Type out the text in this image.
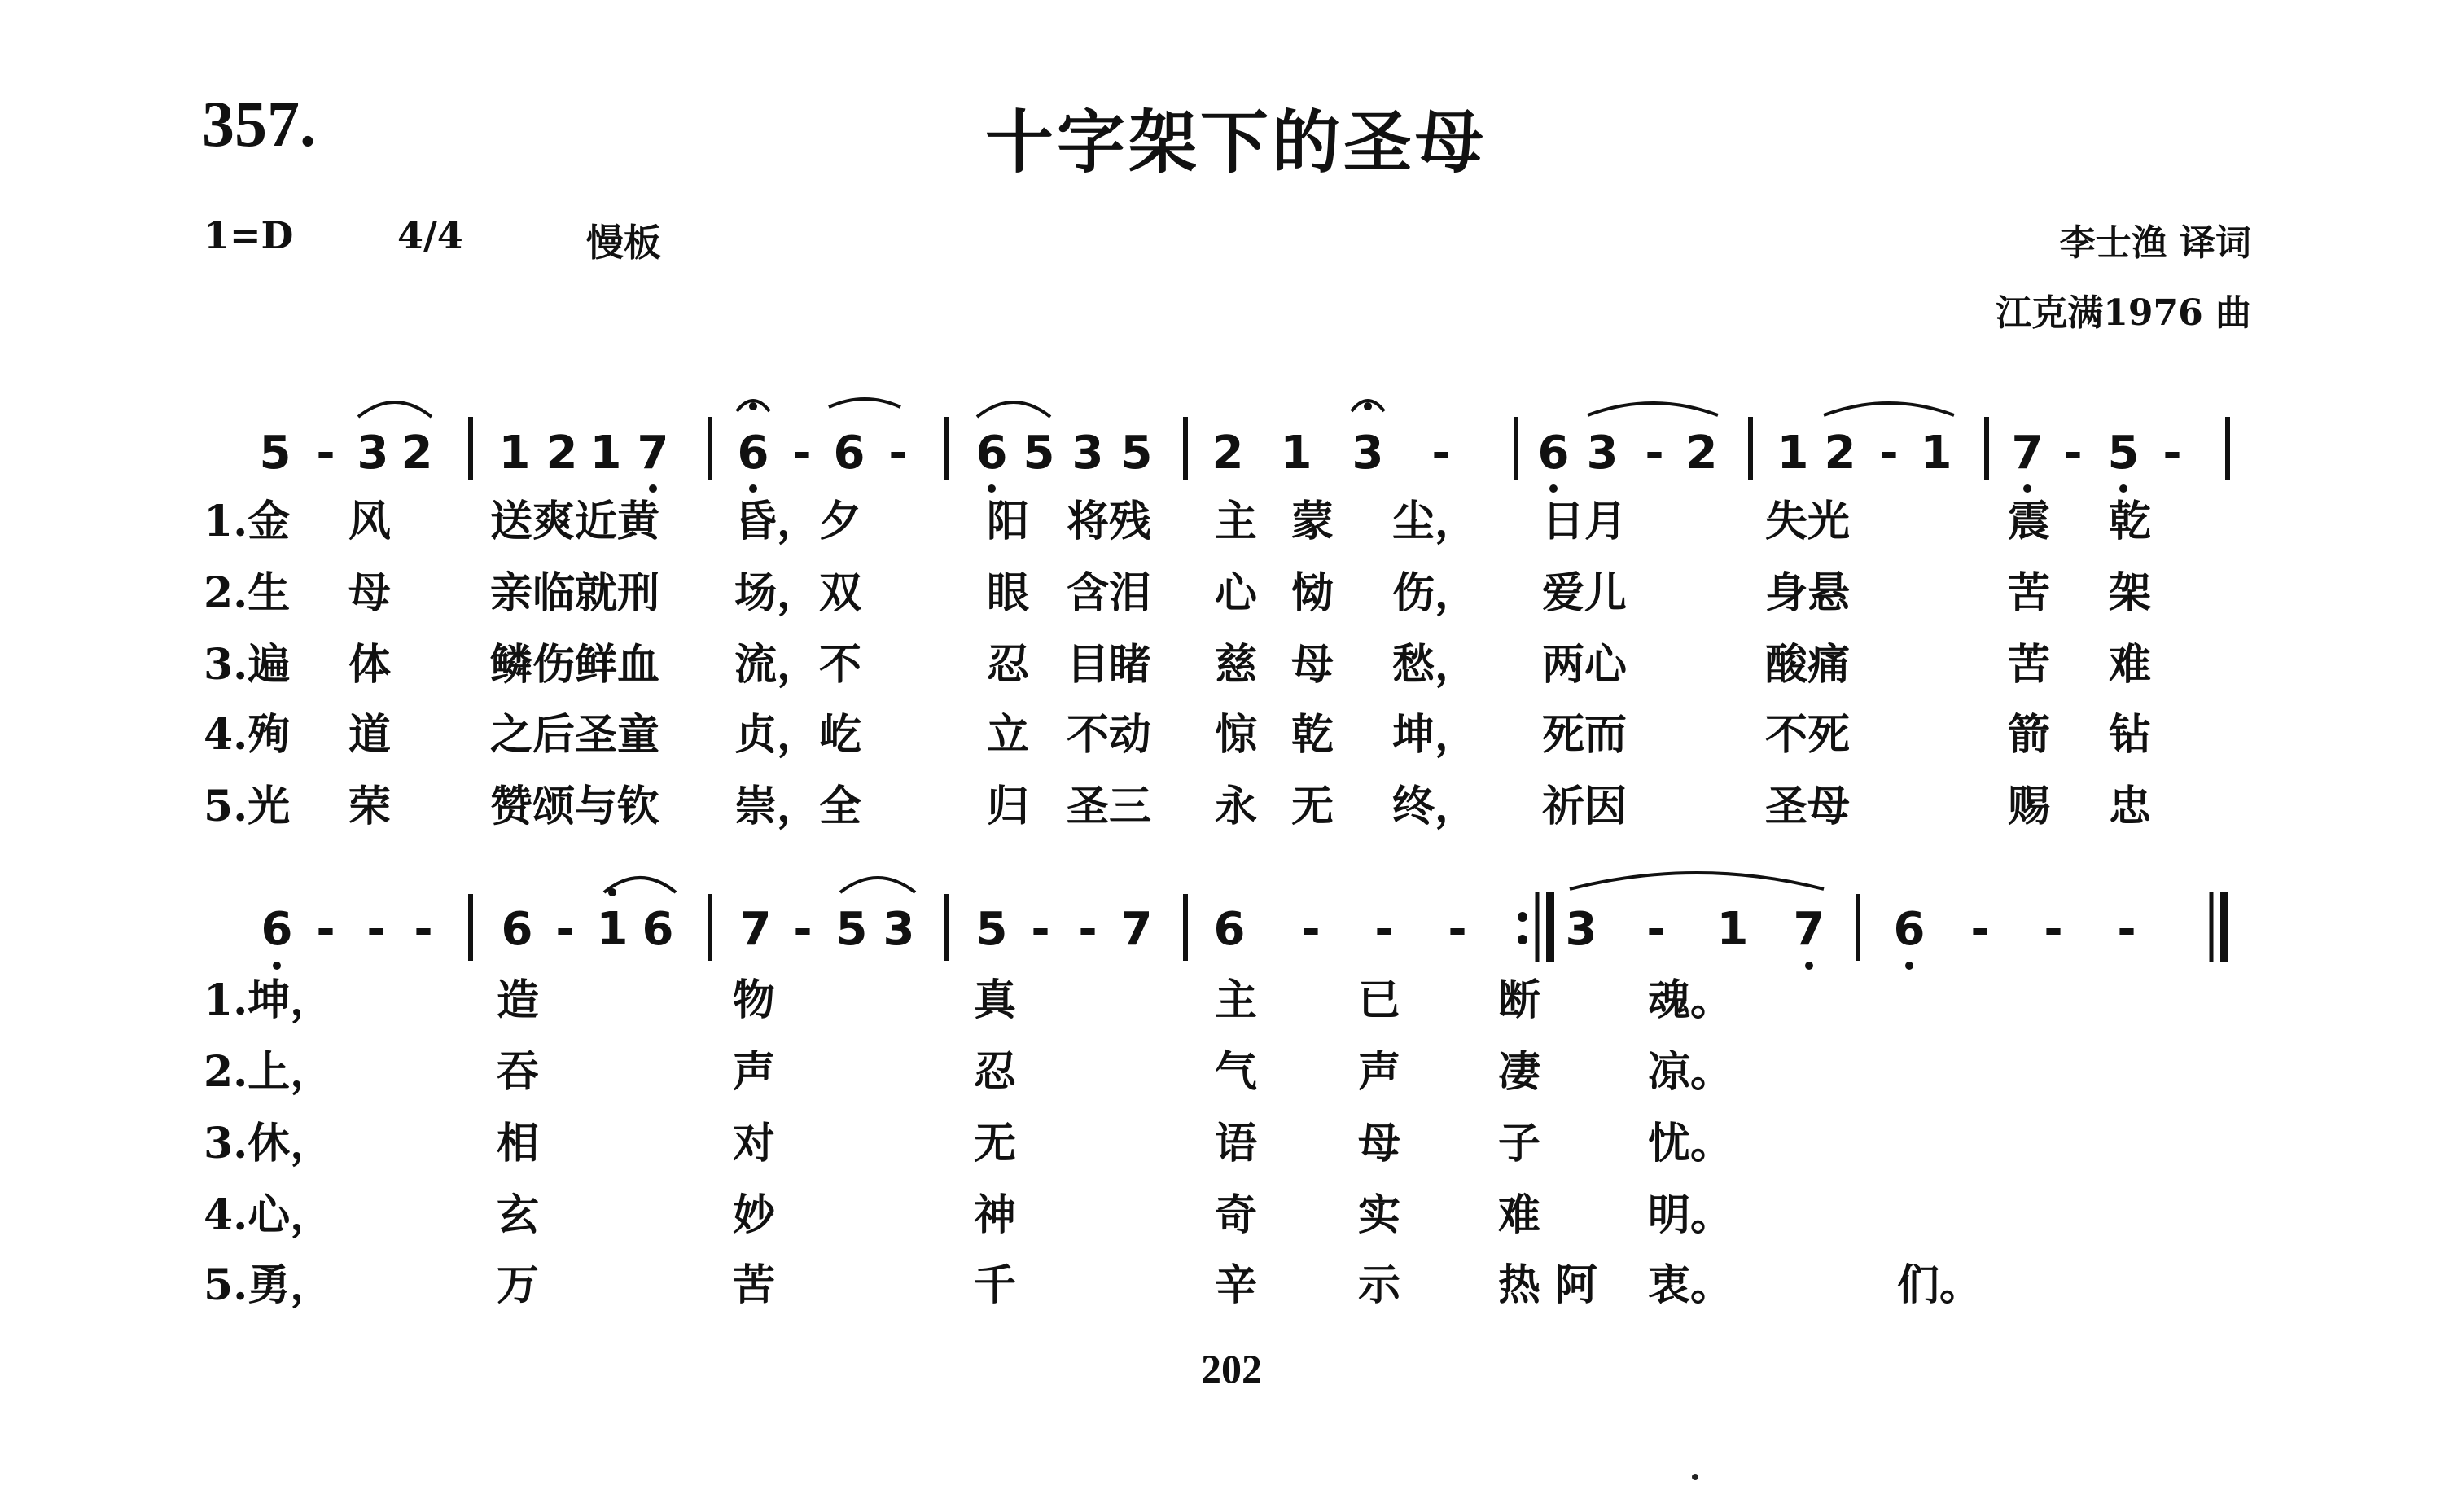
357.	十字架下的圣母
1=D	4/4	慢板	李士渔 译词
江克满1976 曲
5 - 3 2 1 2 1 7 6 - 6 - 6 5 3 5 2 1 3 - 6 3 - 2 1 2 - 1 7 - 5 -
1.金 风 送爽近黄 昏，夕	阳 将残 主 蒙 尘， 日月	失光	震 乾
2.生 母 亲临就刑 场，双	眼 含泪 心 恸 伤， 爱儿	身悬	苦 架
3.遍 体 鳞伤鲜血 流，不	忍 目睹 慈 母 愁， 两心	酸痛	苦 难
4.殉 道 之后圣童 贞，屹	立 不动 惊 乾 坤， 死而	不死	箭 钻
5.光 荣 赞颂与钦 崇，全	归 圣三 永 无 终， 祈因	圣母	赐 忠
6 - - - 6 - 1 6 7 - 5 3 5 - - 7 6 - - - 3 - 1 7 6 - - -
1.坤，	造	物	真	主 已 断	魂。
2.上，	吞	声	忍	气 声 凄	凉。
3.休，	相	对	无	语 母 子	忧。
4.心，	玄	妙	神	奇 实 难	明。
5.勇，	万	苦	千	辛 示 热	衷。
阿	们。
202
